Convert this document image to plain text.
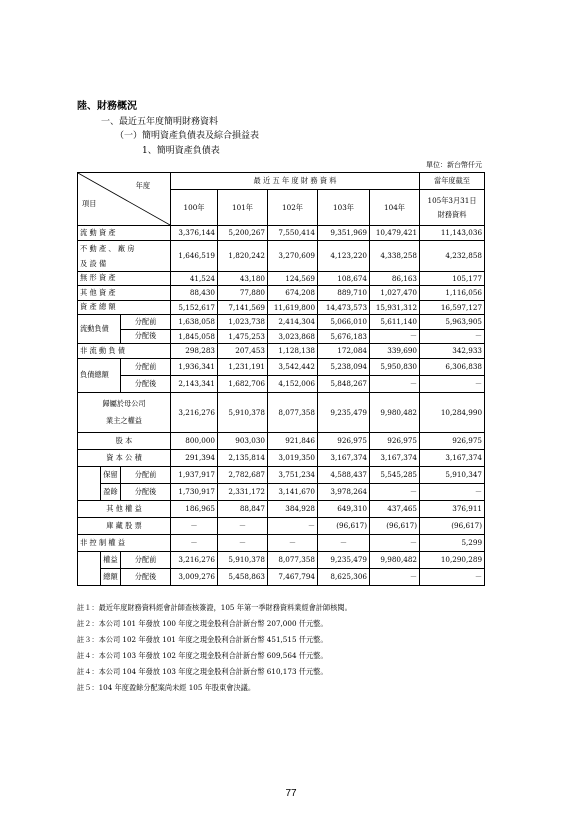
陸、財務概況
一、最近五年度簡明財務資料
（一）簡明資產負債表及綜合損益表
1、簡明資產負債表
單位：新台幣仟元
年度
項目			最 近 五 年 度 財 務 資 料					當年度截至
			100年	101年	102年	103年	104年	105年3月31日
財務資料

流 動 資 產			3,376,144	5,200,267	7,550,414	9,351,969	10,479,421	11,143,036

不 動 產 、 廠 房
及 設 備			1,646,519	1,820,242	3,270,609	4,123,220	4,338,258	4,232,858
無 形 資 產			41,524	43,180	124,569	108,674	86,163	105,177
其 他 資 產			88,430	77,880	674,208	889,710	1,027,470	1,116,056
資 產 總 額			5,152,617	7,141,569	11,619,800	14,473,573	15,931,312	16,597,127
流動負債		分配前	1,638,058	1,023,738	2,414,304	5,066,010	5,611,140	5,963,905
		分配後	1,845,058	1,475,253	3,023,868	5,676,183	－	－
非 流 動 負 債			298,283	207,453	1,128,138	172,084	339,690	342,933
負債總額		分配前	1,936,341	1,231,191	3,542,442	5,238,094	5,950,830	6,306,838
		分配後	2,143,341	1,682,706	4,152,006	5,848,267	－	－

歸屬於母公司
業主之權益			3,216,276	5,910,378	8,077,358	9,235,479	9,980,482	10,284,990
股 本			800,000	903,030	921,846	926,975	926,975	926,975
資 本 公 積			291,394	2,135,814	3,019,350	3,167,374	3,167,374	3,167,374
	保留	分配前	1,937,917	2,782,687	3,751,234	4,588,437	5,545,285	5,910,347
	盈餘	分配後	1,730,917	2,331,172	3,141,670	3,978,264	－	－
其 他 權 益			186,965	88,847	384,928	649,310	437,465	376,911
庫 藏 股 票			－	－	－	(96,617)	(96,617)	(96,617)
非 控 制 權 益			－	－	－	－	－	5,299
	權益	分配前	3,216,276	5,910,378	8,077,358	9,235,479	9,980,482	10,290,289
	總額	分配後	3,009,276	5,458,863	7,467,794	8,625,306	－	－
註１：最近年度財務資料經會計師查核簽證，105 年第一季財務資料業經會計師核閱。
註２：本公司 101 年發放 100 年度之現金股利合計新台幣 207,000 仟元整。
註３：本公司 102 年發放 101 年度之現金股利合計新台幣 451,515 仟元整。
註４：本公司 103 年發放 102 年度之現金股利合計新台幣 609,564 仟元整。
註４：本公司 104 年發放 103 年度之現金股利合計新台幣 610,173 仟元整。
註５：104 年度盈餘分配案尚未經 105 年股東會決議。
77
